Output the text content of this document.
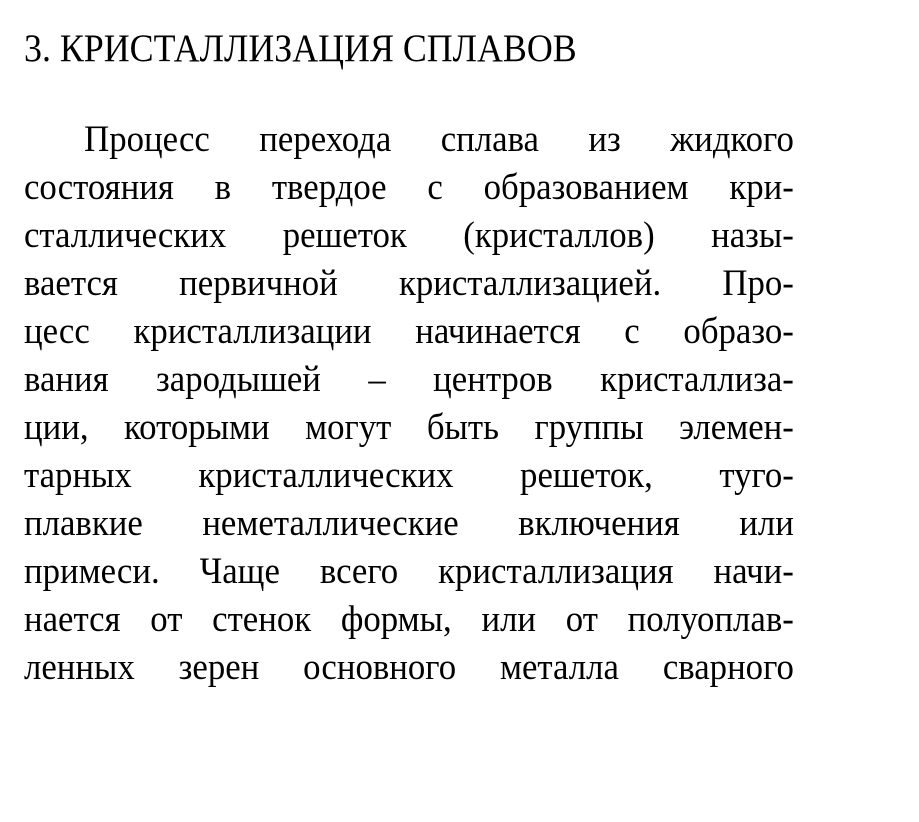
3. КРИСТАЛЛИЗАЦИЯ СПЛАВОВ
Процесс перехода сплава из жидкого
состояния в твердое с образованием кри-
сталлических решеток (кристаллов) назы-
вается первичной кристаллизацией. Про-
цесс кристаллизации начинается с образо-
вания зародышей – центров кристаллиза-
ции, которыми могут быть группы элемен-
тарных кристаллических решеток, туго-
плавкие неметаллические включения или
примеси. Чаще всего кристаллизация начи-
нается от стенок формы, или от полуоплав-
ленных зерен основного металла сварного
